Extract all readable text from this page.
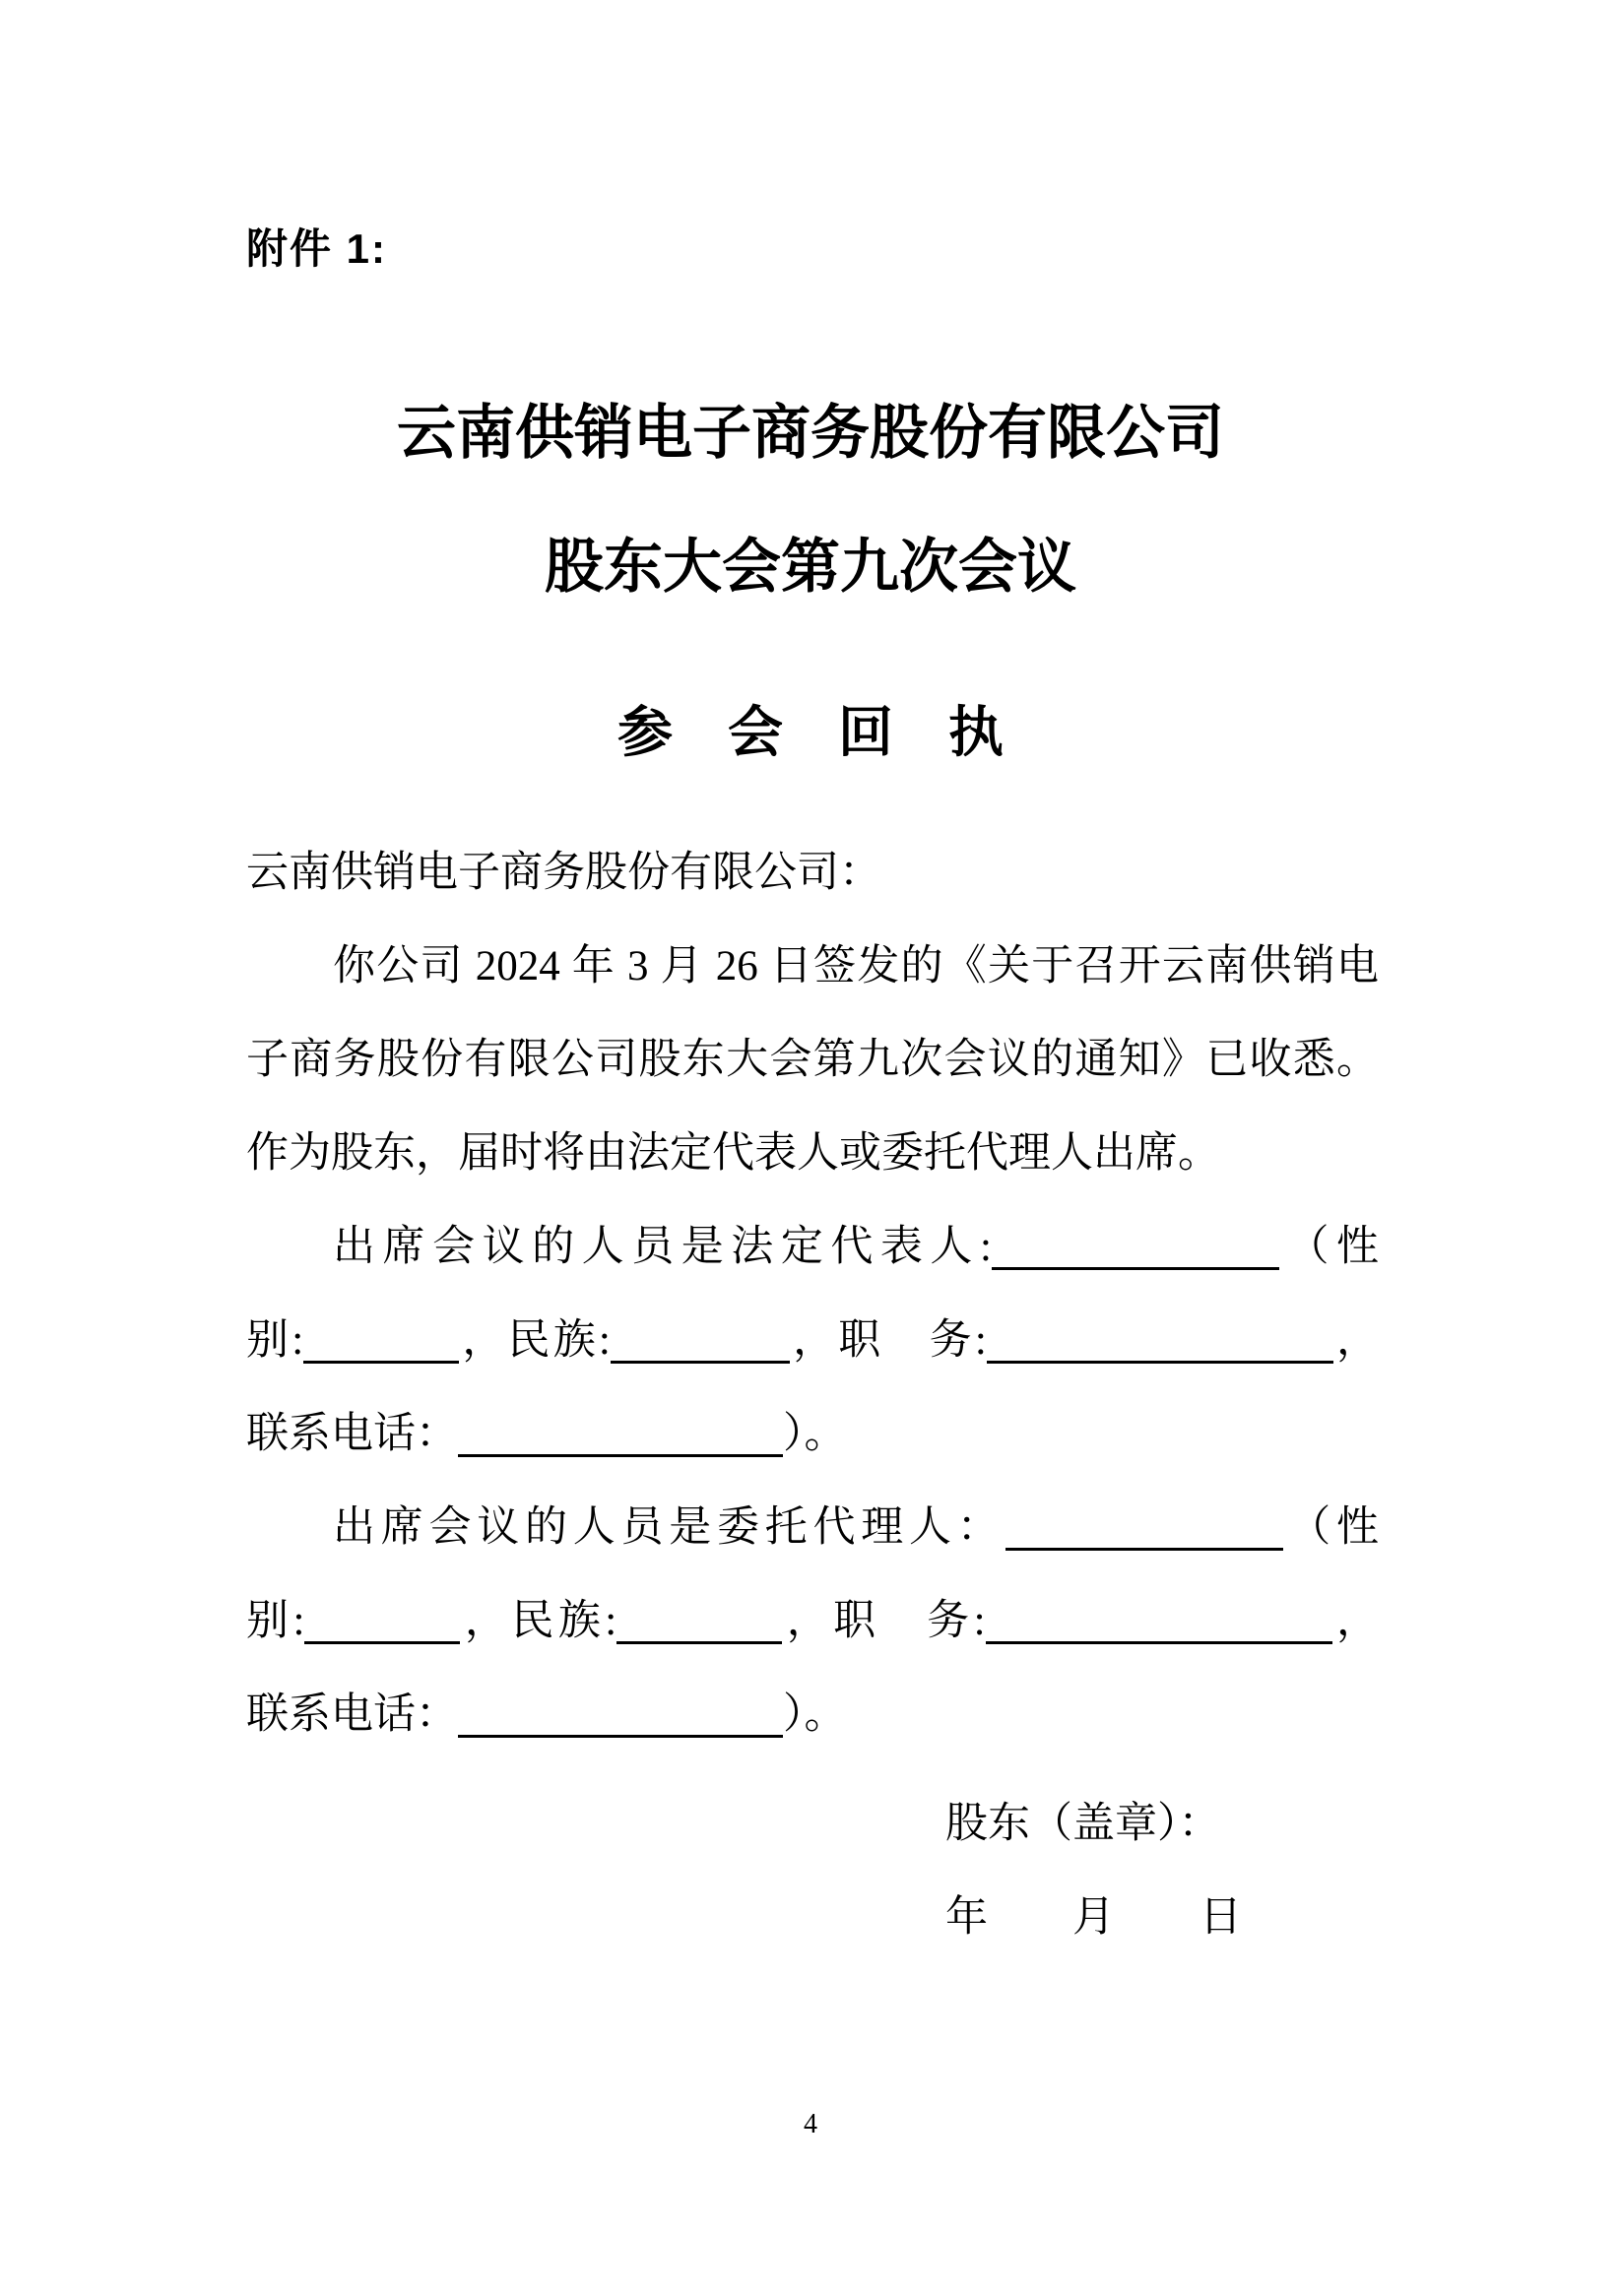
附件 1:
云南供销电子商务股份有限公司
股东大会第九次会议
参　会　回　执
云南供销电子商务股份有限公司：
你公司 2024 年 3 月 26 日签发的《关于召开云南供销电
子商务股份有限公司股东大会第九次会议的通知》已收悉。
作为股东，届时将由法定代表人或委托代理人出席。
出席会议的人员是法定代表人:	（性
别:	，民族:	，职　务:	，
联系电话：	）。
出席会议的人员是委托代理人：	（性
别:	，民族:	，职　务:	，
联系电话：	）。
股东（盖章）：
年　　月　　日
4
